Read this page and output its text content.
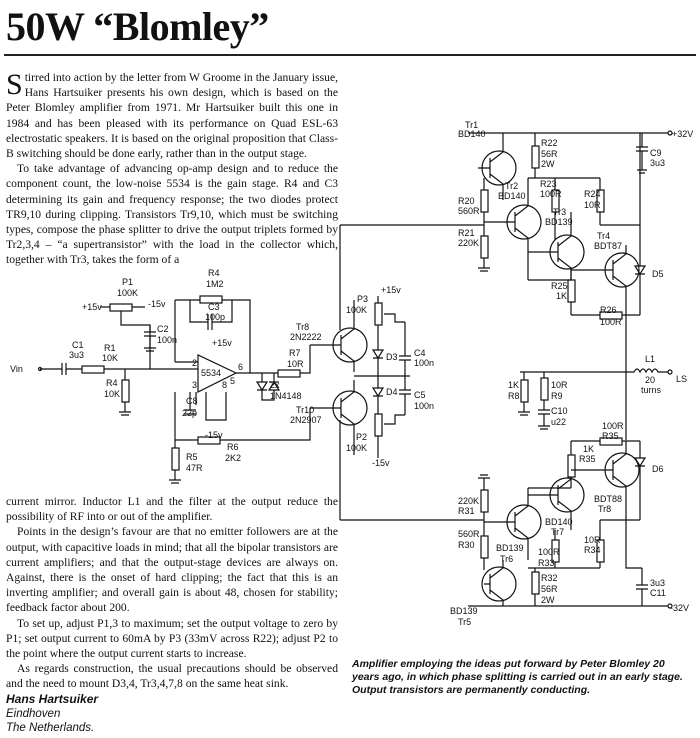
50W “Blomley”

Stirred into action by the letter from W Groome in the January issue, Hans Hartsuiker presents his own design, which is based on the Peter Blomley amplifier from 1971. Mr Hartsuiker built this one in 1984 and has been pleased with its performance on Quad ESL-63 electrostatic speakers. It is based on the original proposition that Class-B switching should be done early, rather than in the output stage.

To take advantage of advancing op-amp design and to reduce the component count, the low-noise 5534 is the gain stage. R4 and C3 determining its gain and frequency response; the two diodes protect TR9,10 during clipping. Transistors Tr9,10, which must be switching types, compose the phase splitter to drive the output triplets formed by Tr2,3,4 – “a supertransistor” with the load in the collector which, together with Tr3, takes the form of a

current mirror. Inductor L1 and the filter at the output reduce the possibility of RF into or out of the amplifier.

Points in the design’s favour are that no emitter followers are at the output, with capacitive loads in mind; that all the bipolar transistors are current amplifiers; and that the output-stage devices are always on. Against, there is the onset of hard clipping; the fact that this is an inverting amplifier; and overall gain is about 48, chosen for stability; feedback factor about 200.

To set up, adjust P1,3 to maximum; set the output voltage to zero by P1; set output current to 60mA by P3 (33mV across R22); adjust P2 to the point where the output current starts to increase.

As regards construction, the usual precautions should be observed and the need to mount D3,4, Tr3,4,7,8 on the same heat sink.

Hans Hartsuiker

Eindhoven

The Netherlands.

Amplifier employing the ideas put forward by Peter Blomley 20 years ago, in which phase splitting is carried out in an early stage. Output transistors are permanently conducting.

Tr1
BD140
R22
56R
2W
+32V
C9
3u3
Tr2
BD140
R23
100R R24
10R
R20
560R	Tr3
BD139
Tr4
BDT87
R21
220K
D5
R25
1K
R26
100R
P1
100K
+15v	-15v
R4
1M2
C3
100p
C2
100n
C1
3u3
R1
10K
R4
10K
Vin
+15v
5534
2
3
6
5
8
C8
22p
-15v
R7
10R
2x
1N4148
Tr8
2N2222
Tr10
2N2907
P3
100K
+15v
D3
D4
C4
100n
C5
100n
P2
100K
-15v
R5
47R
R6
2K2
L1
20
turns
LS
1K
R8
10R
R9
C10
u22	100R
R35
1K
R35
D6
BDT88
Tr8
220K
R31
560R
R30
BD140
Tr7
10R
R34
BD139
Tr6
100R
R33
R32
56R
2W
3u3
C11
-32V
BD139
Tr5
